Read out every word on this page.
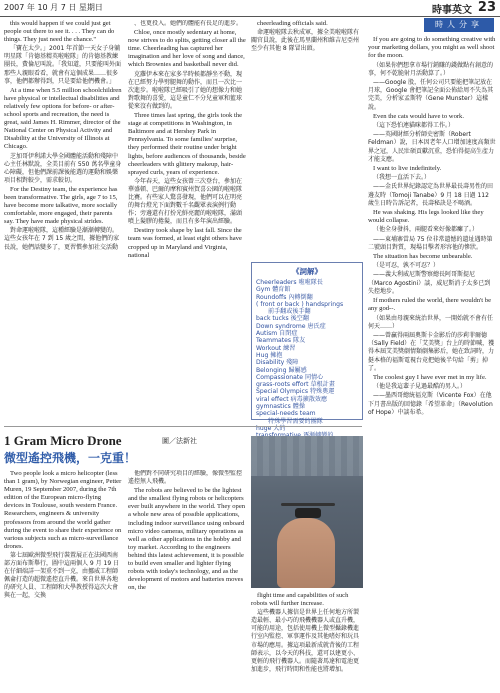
2007 年 10 月 7 日 星期日	時事英文 23

this would happen if we could just get people out there to see it. . . . They can do things. They just need the chance."

「寶在太少。」2001 年首節一天女子身躺明星隊「肯德基精英啦啦隊」的肯德基教練團長，費倫尼叫說。「我知道，只要能叫外面那些人親眼看看，就會有這個成果……很多事，他們都辦得到，只是要給他們機會。」

At a time when 5.5 million schoolchildren have physical or intellectual disabilities and relatively few options for before- or after-school sports and recreation, the need is great, said James H. Rimmer, director of the National Center on Physical Activity and Disability at the University of Illinois at Chicago.

芝加哥伊利諾大學全國體能活動和殘障中心主任林默說，全美目前有 550 萬名學童身心障礙，但他們課前課後能選的運動和娛樂項目相對較少，需求較切。

For the Destiny team, the experience has been transformative. The girls, age 7 to 15, have become more talkative, more socially comfortable, more engaged, their parents say. They have made physical strides.

對命運啦啦隊，這種經驗是漸漸轉變的。這些女孩年在 7 到 15 歲之間，據他們的家長說，她們話變多了，更習慣參加社交活動

、也更投入。她們的體能有長足的進步。

Chloe, once mostly sedentary at home, now strives to do splits, getting closer all the time. Cheerleading has captured her imagination and her love of song and dance, which Brownies and basketball never did.

克蘿伊本來在家多半時候都靜坐不動，現在已經努力學劈腿舞的動作，而且一次比一次進步。啦啦隊已經吸引了她的想像力和她對歌舞的喜愛，這是童仁不分兒童軍和籃球從來沒有做到的。

Three times last spring, the girls took the stage at competitions in Washington, in Baltimore and at Hershey Park in Pennsylvania. To some families' surprise, they performed their routine under bright lights, before audiences of thousands, beside cheerleaders with glittery makeup, hair-sprayed curls, years of experience.

今年春天，這些女孩曾三次登台，參加在華盛頓、巴爾的摩和賓州賀喜公園的啦啦隊比賽。有些家人驚喜發現，他們可以在明亮的舞台燈光下面對數千名觀眾表演例行動作；旁邊還有打扮光鮮亮麗的啦啦隊，滿頭噴上髮膠的捲髮，而且有多年演出經驗。

Destiny took shape by last fall. Since the team was formed, at least eight others have cropped up in Maryland and Virginia, national

cheerleading officials said.

命運啦啦隊去秋成軍，據全美啦啦隊有關官員說，此後在馬里蘭州和維吉尼亞州至少有其他 8 隊冒出頭。

《詞解》
Cheerleaders 啦啦隊長
Gym 體育館
Roundoffs 內轉倒翻
( front or back ) handsprings
前手翻或後手翻
back tucks 後空翻
Down syndrome 唐氏症
Autism 自閉症
Teammates 隊友
Workout 練習
Hug 擁抱
Disability 殘障
Belonging 歸屬感
Compassionate 同情心
grass-roots effort 草根計畫
Special Olympics 特殊奧運
viral effect 病毒擴散效應
gymnastics 體操
special-needs team
特殊學習需要的團隊
huge 大的
時人分享

If you are going to do something creative with your marketing dollars, you might as well shoot for the moon.

（如果你們想拿市場行銷賺的錢做點有創意的事，何不乾脆射月活動算了。）

——Google 股，任何公司只要能把筆記放在月球，Google 會把筆記全面公佈給周不失為其完美，分析家孟斯特（Gene Munster）這樣說。

Even the cats would have to work.

（這下恐怕連貓咪都得工作。）

——英國財經分析師史密斯（Robert Feldman）說，日本因老年人口增加速度高類世界之冠，人民壯碩貢獻沉重，恐怕得提高生產力才能支應。

I want to live indefinitely.

（我想一直活下去。）

——金氏世界紀錄認定為世界最長壽男性的田邊友時（Tomoji Tanabe）9 月 18 日過 112 歲生日時告訴記者，長壽秘訣是不喝酒。

He was shaking. His legs looked like they would collapse.

（他全身發抖，兩腿看來好像都癱了。）

——東埔寨當局 75 位非常遺憾的遺址遇時第二號頭目對質，現場目擊者形容他的慘狀。

The situation has become unbearable.

（是可忍，孰不可忍？）

——義大利威尼斯警察總長阿哥斯提尼（Marco Agostini）談，威尼斯消子太多已到失控地步。

If mothers ruled the world, there wouldn't be any god--.

（如果由母親來統治世界，一開始就不會有任何天……）

——曾贏得兩屆奧斯卡金影后的莎莉菲爾德（Sally Field）在「艾美獎」台上的時節喊，獲得本屆艾美獎劇情類劇集影后，她在致詞時，力挺本格的福斯電視台竟把她後半句給「剪」掉了。

The coolest guy I have ever met in my life.

（他是我這輩子見過最酷的男人。）

——墨西哥總統福克斯（Vicente Fox）在他下月書出版的回憶錄「希望革命」（Revolution of Hope）中談布希。

1 Gram Micro Drone
微型遙控飛機，一克重！
圖／法新社

Two people look a micro helicopter (less than 1 gram), by Norwegian engineer, Petter Muren, 19 September 2007, during the 7th edition of the European micro-flying devices in Toulouse, south western France. Researchers, engineers & university professors from around the world gather during the event to share their experience on various subjects such as micro-surveillance drones.

第七屆歐洲微型飛行裝置展正在法國西南部方面布斯舉行，圖中這兩個人 9 月 19 日在仔細端詳一架重不到一克，由挪威工程師佩侖打造的超微遙控直升機。來自世界各地的研究人員、工程師和大學教授得這次大會與在一起，交換

他們對不同研究項目的經驗，像微型監控遙控無人飛機。

The robots are believed to be the lightest and the smallest flying robots or helicopters ever built anywhere in the world. They open a whole new area of possible applications, including indoor surveillance using onboard micro video cameras, military operations as well as other applications in the hobby and toy market. According to the engineers behind this latest achievement, it is possible to build even smaller and lighter flying robots with today's technology, and as the development of motors and batteries moves on, the

flight time and capabilities of such robots will further increase.

這些機器人據信是世界上任何地方所製造最輕、最小巧的飛機機器人或直升機，可能的用途，包括使用機上微型攝錄機進行室內監控、軍事運作及其他嗜好和玩具市場的應用。據這項最新成就背後的工程師表示，以今天的科技，還可以建更小、更輕的飛行機器人。而隨著馬達和電池更加進步，飛行時間和性能也將增加。
